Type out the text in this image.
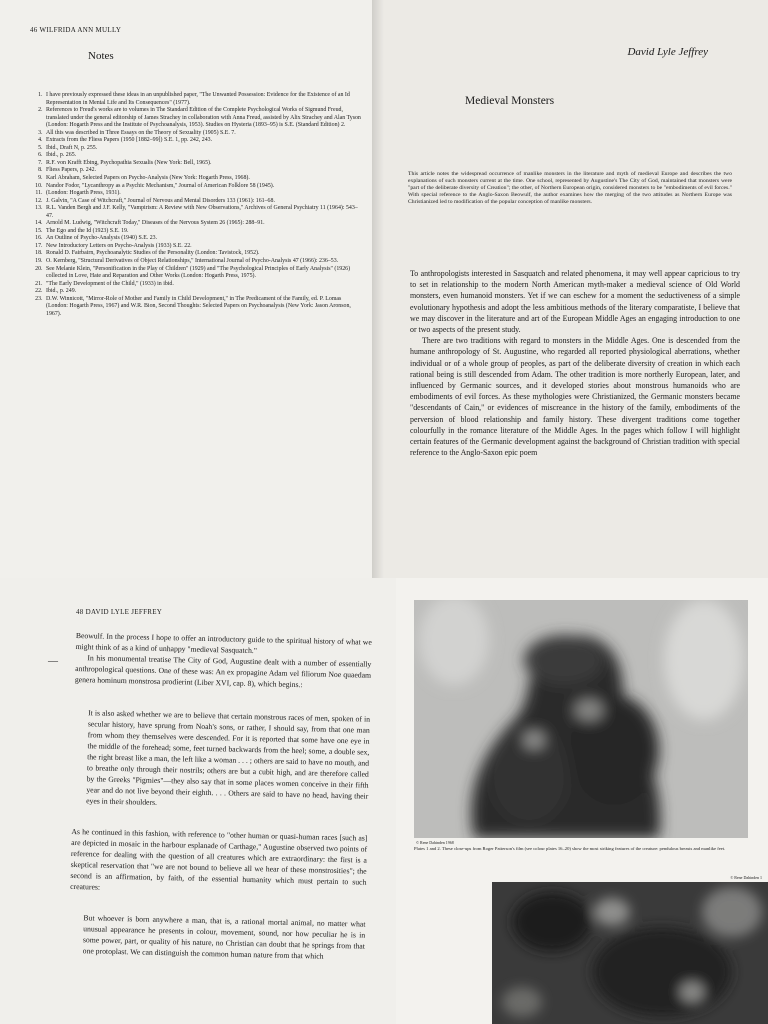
46 WILFRIDA ANN MULLY
Notes
1. I have previously expressed these ideas in an unpublished paper, "The Unwanted Possession: Evidence for the Existence of an Id Representation in Mental Life and Its Consequences" (1977).
2. References to Freud's works are to volumes in The Standard Edition of the Complete Psychological Works of Sigmund Freud, translated under the general editorship of James Strachey in collaboration with Anna Freud, assisted by Alix Strachey and Alan Tyson (London: Hogarth Press and the Institute of Psychoanalysis, 1953). Studies on Hysteria (1893–95) is S.E. (Standard Edition) 2.
3. All this was described in Three Essays on the Theory of Sexuality (1905) S.E. 7.
4. Extracts from the Fliess Papers (1950 [1882–99]) S.E. 1, pp. 242, 243.
5. Ibid., Draft N, p. 255.
6. Ibid., p. 265.
7. R.F. von Krafft Ebing, Psychopathia Sexualis (New York: Bell, 1965).
8. Fliess Papers, p. 242.
9. Karl Abraham, Selected Papers on Psycho-Analysis (New York: Hogarth Press, 1968).
10. Nandor Fodor, "Lycanthropy as a Psychic Mechanism," Journal of American Folklore 58 (1945).
11. (London: Hogarth Press, 1931).
12. J. Galvin, "A Case of Witchcraft," Journal of Nervous and Mental Disorders 133 (1961): 161–68.
13. R.L. Vanden Bergh and J.F. Kelly, "Vampirism: A Review with New Observations," Archives of General Psychiatry 11 (1964): 543–47.
14. Arnold M. Ludwig, "Witchcraft Today," Diseases of the Nervous System 26 (1965): 288–91.
15. The Ego and the Id (1923) S.E. 19.
16. An Outline of Psycho-Analysis (1940) S.E. 23.
17. New Introductory Letters on Psycho-Analysis (1933) S.E. 22.
18. Ronald D. Fairbairn, Psychoanalytic Studies of the Personality (London: Tavistock, 1952).
19. O. Kernberg, "Structural Derivatives of Object Relationships," International Journal of Psycho-Analysis 47 (1966): 236–53.
20. See Melanie Klein, "Personification in the Play of Children" (1929) and "The Psychological Principles of Early Analysis" (1926) collected in Love, Hate and Reparation and Other Works (London: Hogarth Press, 1975).
21. "The Early Development of the Child," (1933) in ibid.
22. Ibid., p. 249.
23. D.W. Winnicott, "Mirror-Role of Mother and Family in Child Development," in The Predicament of the Family, ed. P. Lomas (London: Hogarth Press, 1967) and W.R. Bion, Second Thoughts: Selected Papers on Psychoanalysis (New York: Jason Aronson, 1967).
David Lyle Jeffrey
Medieval Monsters
This article notes the widespread occurrence of manlike monsters in the literature and myth of medieval Europe and describes the two explanations of such monsters current at the time. One school, represented by Augustine's The City of God, maintained that monsters were "part of the deliberate diversity of Creation"; the other, of Northern European origin, considered monsters to be "embodiments of evil forces." With special reference to the Anglo-Saxon Beowulf, the author examines how the merging of the two attitudes as Northern Europe was Christianized led to modification of the popular conception of manlike monsters.

To anthropologists interested in Sasquatch and related phenomena, it may well appear capricious to try to set in relationship to the modern North American myth-maker a medieval science of Old World monsters, even humanoid monsters. Yet if we can eschew for a moment the seductiveness of a simple evolutionary hypothesis and adopt the less ambitious methods of the literary comparatiste, I believe that we may discover in the literature and art of the European Middle Ages an engaging introduction to one or two aspects of the present study.

There are two traditions with regard to monsters in the Middle Ages. One is descended from the humane anthropology of St. Augustine, who regarded all reported physiological aberrations, whether individual or of a whole group of peoples, as part of the deliberate diversity of creation in which each rational being is still descended from Adam. The other tradition is more northerly European, later, and influenced by Germanic sources, and it developed stories about monstrous humanoids who are embodiments of evil forces. As these mythologies were Christianized, the Germanic monsters became "descendants of Cain," or evidences of miscreance in the history of the family, embodiments of the perversion of blood relationship and family history. These divergent traditions come together colourfully in the romance literature of the Middle Ages. In the pages which follow I will highlight certain features of the Germanic development against the background of Christian tradition with special reference to the Anglo-Saxon epic poem

48 DAVID LYLE JEFFREY
—

Beowulf. In the process I hope to offer an introductory guide to the spiritual history of what we might think of as a kind of unhappy "medieval Sasquatch."

In his monumental treatise The City of God, Augustine dealt with a number of essentially anthropological questions. One of these was: An ex propagine Adam vel filiorum Noe quaedam genera hominum monstrosa prodierint (Liber XVI, cap. 8), which begins.:

It is also asked whether we are to believe that certain monstrous races of men, spoken of in secular history, have sprung from Noah's sons, or rather, I should say, from that one man from whom they themselves were descended. For it is reported that some have one eye in the middle of the forehead; some, feet turned backwards from the heel; some, a double sex, the right breast like a man, the left like a woman . . . ; others are said to have no mouth, and to breathe only through their nostrils; others are but a cubit high, and are therefore called by the Greeks "Pigmies"—they also say that in some places women conceive in their fifth year and do not live beyond their eighth. . . . Others are said to have no head, having their eyes in their shoulders.

As he continued in this fashion, with reference to "other human or quasi-human races [such as] are depicted in mosaic in the harbour esplanade of Carthage," Augustine observed two points of reference for dealing with the question of all creatures which are extraordinary: the first is a skeptical reservation that "we are not bound to believe all we hear of these monstrosities"; the second is an affirmation, by faith, of the essential humanity which must pertain to such creatures:

But whoever is born anywhere a man, that is, a rational mortal animal, no matter what unusual appearance he presents in colour, movement, sound, nor how peculiar he is in some power, part, or quality of his nature, no Christian can doubt that he springs from that one protoplast. We can distinguish the common human nature from that which

© Rene Dahinden 1968
Plates 1 and 2. These close-ups from Roger Patterson's film (see colour plates 16–20) show the most striking features of the creature: pendulous breasts and manlike feet.
© Rene Dahinden 1
